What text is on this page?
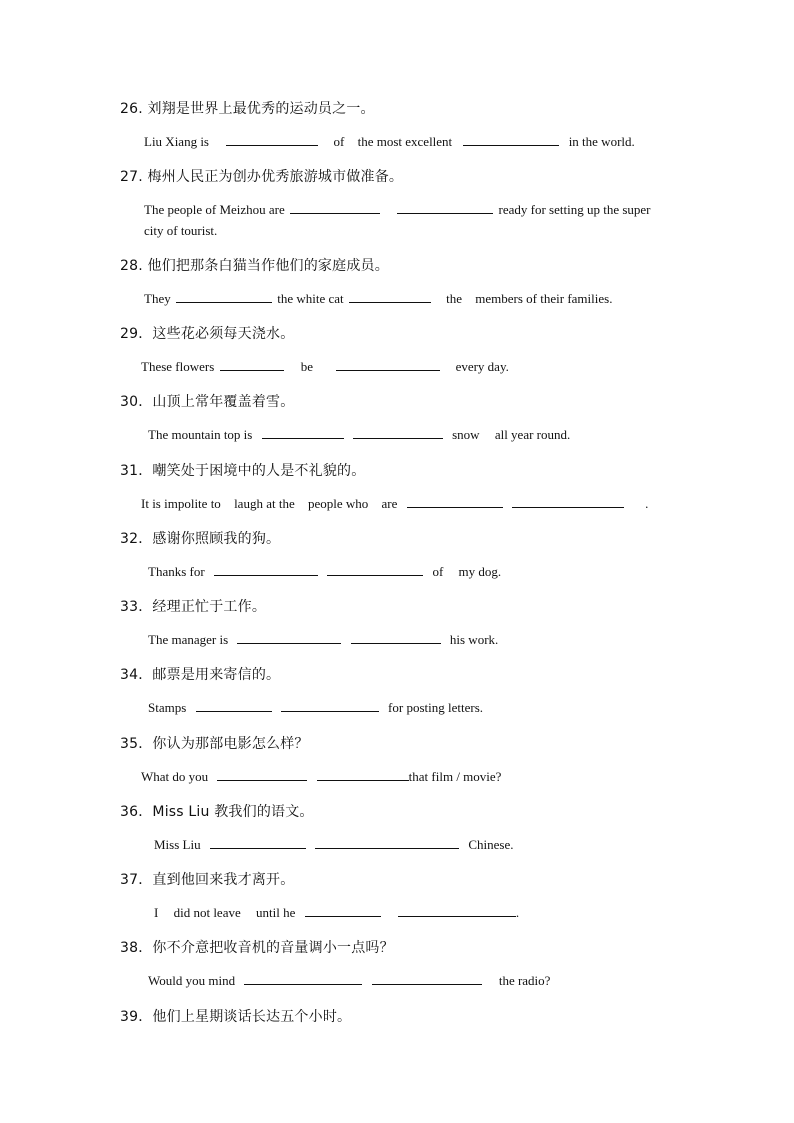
26. 刘翔是世界上最优秀的运动员之一。
Liu Xiang is	of the most excellent	in the world.
27. 梅州人民正为创办优秀旅游城市做准备。
The people of Meizhou are	ready for setting up the super
city of tourist.
28. 他们把那条白猫当作他们的家庭成员。
They	the white cat	the members of their families.
29．这些花必须每天浇水。
These flowers	be	every day.
30．山顶上常年覆盖着雪。
The mountain top is	snow all year round.
31．嘲笑处于困境中的人是不礼貌的。
It is impolite to laugh at the people who are	.
32．感谢你照顾我的狗。
Thanks for	of my dog.
33．经理正忙于工作。
The manager is	his work.
34．邮票是用来寄信的。
Stamps	for posting letters.
35．你认为那部电影怎么样？
What do you	that film / movie?
36．Miss Liu 教我们的语文。
Miss Liu	Chinese.
37．直到他回来我才离开。
I did not leave until he	.
38．你不介意把收音机的音量调小一点吗？
Would you mind	the radio?
39．他们上星期谈话长达五个小时。
